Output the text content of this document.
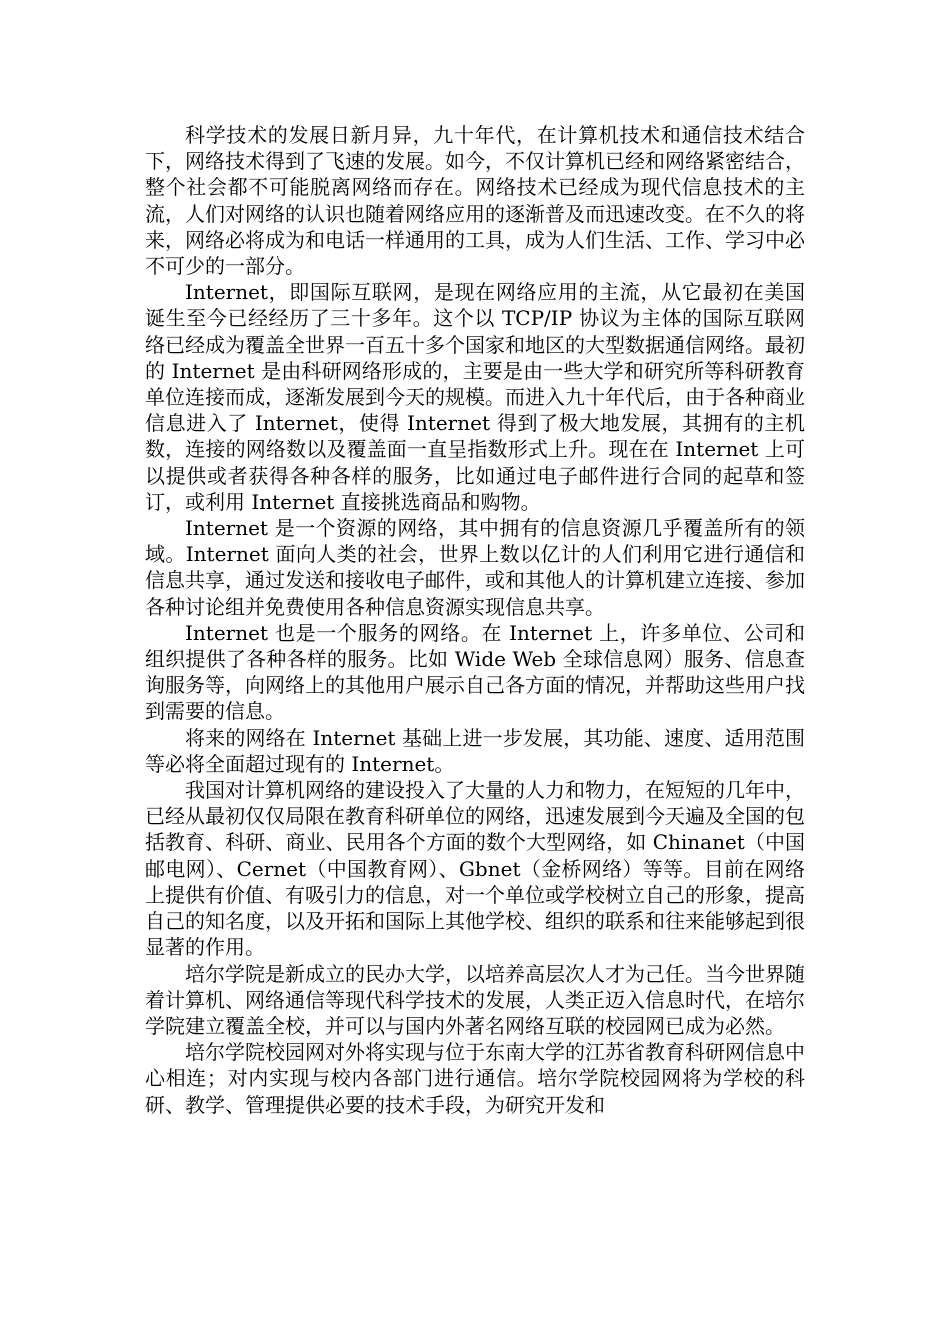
科学技术的发展日新月异，九十年代，在计算机技术和通信技术结合下，网络技术得到了飞速的发展。如今，不仅计算机已经和网络紧密结合，整个社会都不可能脱离网络而存在。网络技术已经成为现代信息技术的主流，人们对网络的认识也随着网络应用的逐渐普及而迅速改变。在不久的将来，网络必将成为和电话一样通用的工具，成为人们生活、工作、学习中必不可少的一部分。

Internet，即国际互联网，是现在网络应用的主流，从它最初在美国诞生至今已经经历了三十多年。这个以 TCP/IP 协议为主体的国际互联网络已经成为覆盖全世界一百五十多个国家和地区的大型数据通信网络。最初的 Internet 是由科研网络形成的，主要是由一些大学和研究所等科研教育单位连接而成，逐渐发展到今天的规模。而进入九十年代后，由于各种商业信息进入了 Internet，使得 Internet 得到了极大地发展，其拥有的主机数，连接的网络数以及覆盖面一直呈指数形式上升。现在在 Internet 上可以提供或者获得各种各样的服务，比如通过电子邮件进行合同的起草和签订，或利用 Internet 直接挑选商品和购物。

Internet 是一个资源的网络，其中拥有的信息资源几乎覆盖所有的领域。Internet 面向人类的社会，世界上数以亿计的人们利用它进行通信和信息共享，通过发送和接收电子邮件，或和其他人的计算机建立连接、参加各种讨论组并免费使用各种信息资源实现信息共享。

Internet 也是一个服务的网络。在 Internet 上，许多单位、公司和组织提供了各种各样的服务。比如 Wide Web 全球信息网）服务、信息查询服务等，向网络上的其他用户展示自己各方面的情况，并帮助这些用户找到需要的信息。

将来的网络在 Internet 基础上进一步发展，其功能、速度、适用范围等必将全面超过现有的 Internet。

我国对计算机网络的建设投入了大量的人力和物力，在短短的几年中，已经从最初仅仅局限在教育科研单位的网络，迅速发展到今天遍及全国的包括教育、科研、商业、民用各个方面的数个大型网络，如 Chinanet（中国邮电网）、Cernet（中国教育网）、Gbnet（金桥网络）等等。目前在网络上提供有价值、有吸引力的信息，对一个单位或学校树立自己的形象，提高自己的知名度，以及开拓和国际上其他学校、组织的联系和往来能够起到很显著的作用。

培尔学院是新成立的民办大学，以培养高层次人才为己任。当今世界随着计算机、网络通信等现代科学技术的发展，人类正迈入信息时代，在培尔学院建立覆盖全校，并可以与国内外著名网络互联的校园网已成为必然。

培尔学院校园网对外将实现与位于东南大学的江苏省教育科研网信息中心相连；对内实现与校内各部门进行通信。培尔学院校园网将为学校的科研、教学、管理提供必要的技术手段，为研究开发和
